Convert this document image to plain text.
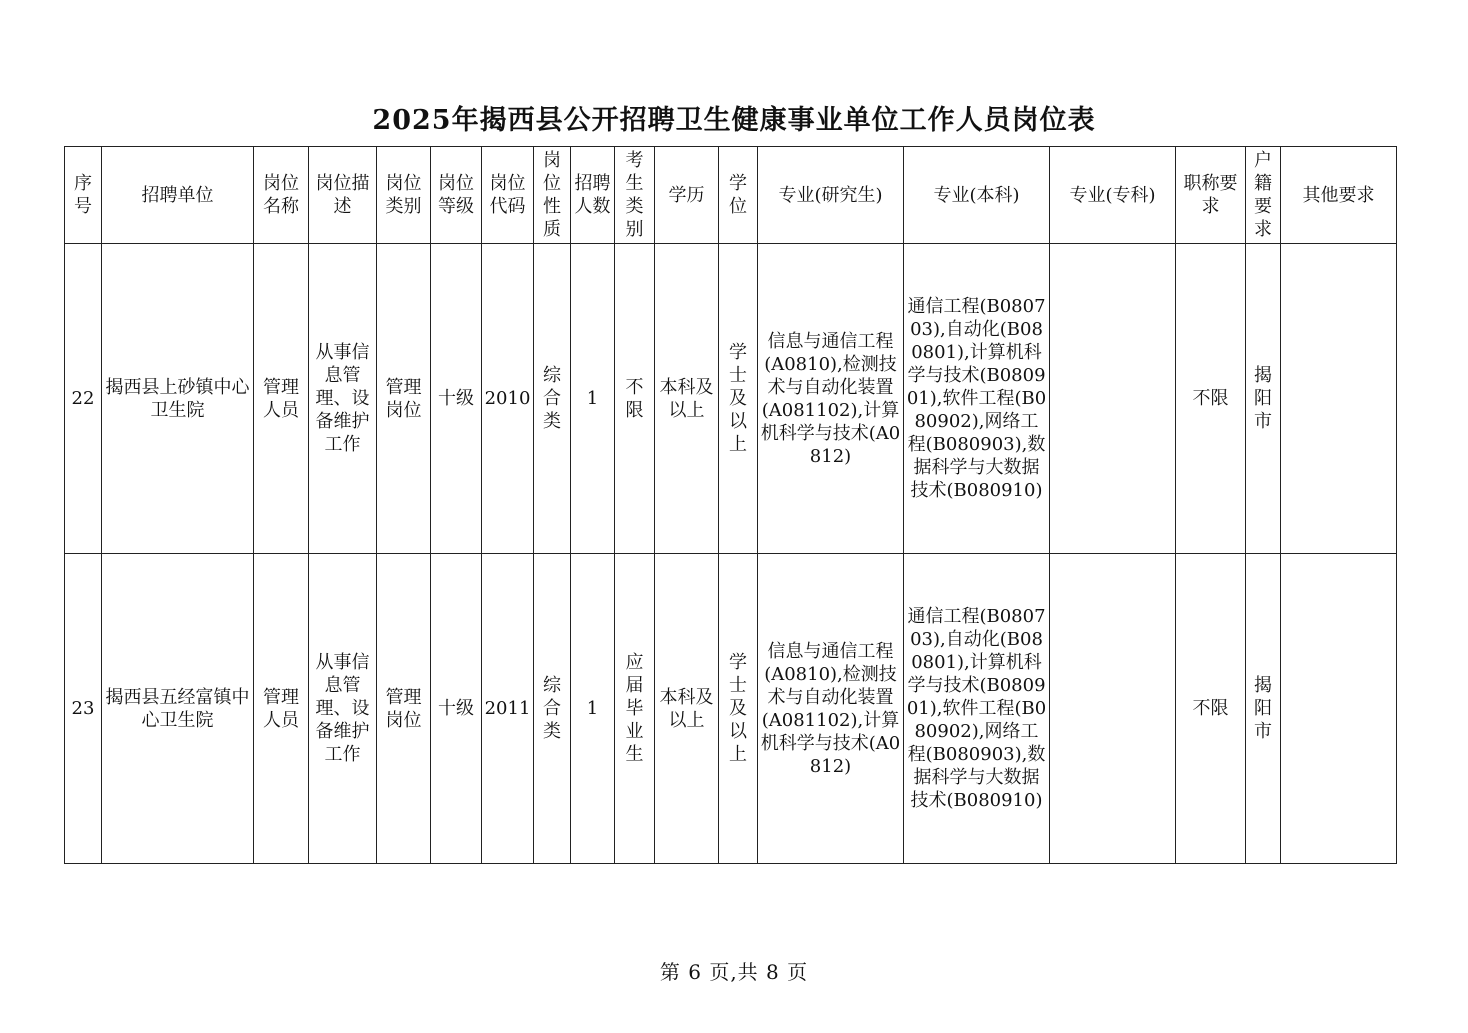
2025年揭西县公开招聘卫生健康事业单位工作人员岗位表
序号	招聘单位	岗位名称	岗位描述	岗位类别	岗位等级	岗位代码	岗位性质	招聘人数	考生类别	学历	学位	专业(研究生)	专业(本科)	专业(专科)	职称要求	户籍要求	其他要求
22	揭西县上砂镇中心卫生院	管理人员	从事信息管理、设备维护工作	管理岗位	十级	2010	综合类	1	不限	本科及以上	学士及以上	信息与通信工程(A0810),检测技术与自动化装置(A081102),计算机科学与技术(A0812)	通信工程(B080703),自动化(B080801),计算机科学与技术(B080901),软件工程(B080902),网络工程(B080903),数据科学与大数据技术(B080910)		不限	揭阳市	
23	揭西县五经富镇中心卫生院	管理人员	从事信息管理、设备维护工作	管理岗位	十级	2011	综合类	1	应届毕业生	本科及以上	学士及以上	信息与通信工程(A0810),检测技术与自动化装置(A081102),计算机科学与技术(A0812)	通信工程(B080703),自动化(B080801),计算机科学与技术(B080901),软件工程(B080902),网络工程(B080903),数据科学与大数据技术(B080910)		不限	揭阳市	
第 6 页,共 8 页
